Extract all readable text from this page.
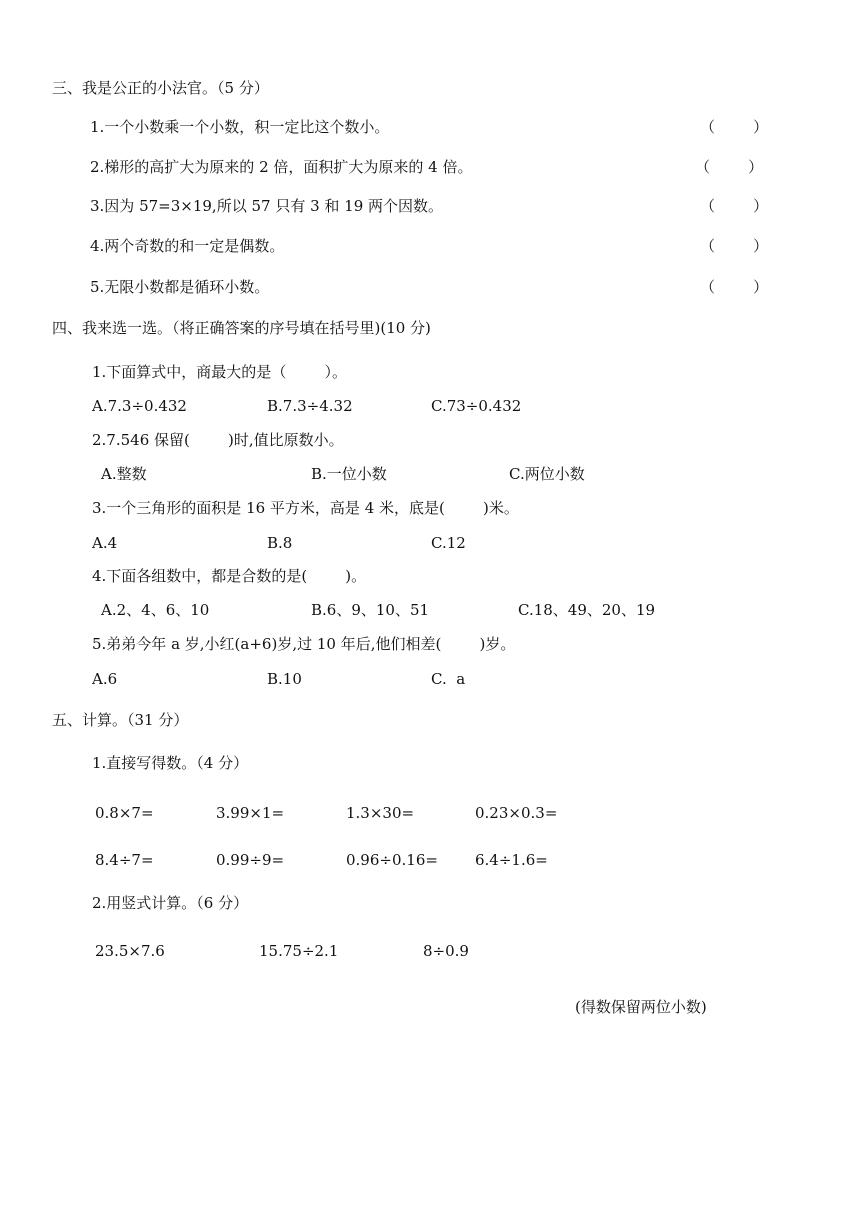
三、我是公正的小法官。（5 分）
1.一个小数乘一个小数，积一定比这个数小。	（        ）
2.梯形的高扩大为原来的 2 倍，面积扩大为原来的 4 倍。	（        ）
3.因为 57=3×19,所以 57 只有 3 和 19 两个因数。	（        ）
4.两个奇数的和一定是偶数。	（        ）
5.无限小数都是循环小数。	（        ）
四、我来选一选。（将正确答案的序号填在括号里)(10 分)
1.下面算式中，商最大的是（        ）。
A.7.3÷0.432	B.7.3÷4.32	C.73÷0.432
2.7.546 保留(        )时,值比原数小。
A.整数	B.一位小数	C.两位小数
3.一个三角形的面积是 16 平方米，高是 4 米，底是(        )米。
A.4	B.8	C.12
4.下面各组数中，都是合数的是(        )。
A.2、4、6、10	B.6、9、10、51	C.18、49、20、19
5.弟弟今年 a 岁,小红(a+6)岁,过 10 年后,他们相差(        )岁。
A.6	B.10	C.  a
五、计算。（31 分）
1.直接写得数。（4 分）
0.8×7=	3.99×1=	1.3×30=	0.23×0.3=
8.4÷7=	0.99÷9=	0.96÷0.16= 6.4÷1.6=
2.用竖式计算。（6 分）
23.5×7.6	15.75÷2.1	8÷0.9
(得数保留两位小数)
